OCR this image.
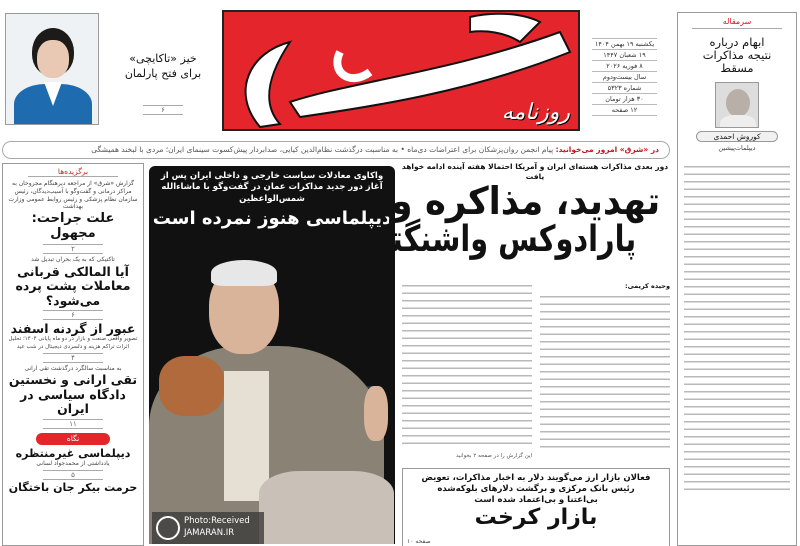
خیز «تاکایچی» برای فتح پارلمان
۶	روزنامه
یکشنبه ۱۹ بهمن ۱۴۰۴
۱۹ شعبان ۱۴۴۷
۸ فوریه ۲۰۲۶
سال بیست‌ودوم
شماره ۵۳۲۳
۳۰ هزار تومان
۱۲ صفحه
در «شرق» امروز می‌خوانید: پیام انجمن روان‌پزشکان برای اعتراضات دی‌ماه • به مناسبت درگذشت نظام‌الدین کیایی، صدابردار پیش‌کسوت سینمای ایران؛ مردی با لبخند همیشگی
سرمقاله
ابهام درباره نتیجه مذاکرات مسقط
کوروش احمدی
دیپلمات‌پیشین
برگزیده‌ها
گزارش «شرق» از مراجعه دیرهنگام مجروحان به مراکز درمانی و گفت‌وگو با آسیب‌دیدگان، رئیس سازمان نظام پزشکی و رئیس روابط عمومی وزارت بهداشت
علت جراحت: مجهول
۲
تاکتیکی که به یک بحران تبدیل شد
آیا المالکی قربانی معاملات پشت پرده می‌شود؟
۶
عبور از گردنه اسفند
تصویر واقعی صنعت و بازار در دو ماه پایانی ۱۴۰۴؛ تحلیل اثرات تراکم هزینه و دلسردی دیجیتال در شب عید
۴
به مناسبت سالگرد درگذشت تقی ارانی
تقی ارانی و نخستین دادگاه سیاسی در ایران
۱۱
نگاه
دیپلماسی غیرمنتظره
یادداشتی از محمدجواد لسانی
۵
حرمت بیکر جان باختگان
واکاوی معادلات سیاست خارجی و داخلی ایران پس از آغاز دور جدید مذاکرات عمان در گفت‌وگو با ماشاءالله شمس‌الواعظین
دیپلماسی هنوز نمرده است
Photo:Received
JAMARAN.IR
دور بعدی مذاکرات هسته‌ای ایران و آمریکا احتمالا هفته آینده ادامه خواهد یافت
تهدید، مذاکره و
پارادوکس واشنگتن
وحیده کریمی:
این گزارش را در صفحه ۲ بخوانید
فعالان بازار ارز می‌گویند دلار به اخبار مذاکرات، تعویض رئیس بانک مرکزی و برگشت دلارهای بلوکه‌شده بی‌اعتنا و بی‌اعتماد شده است
بازار کرخت
صفحه ۱۰
